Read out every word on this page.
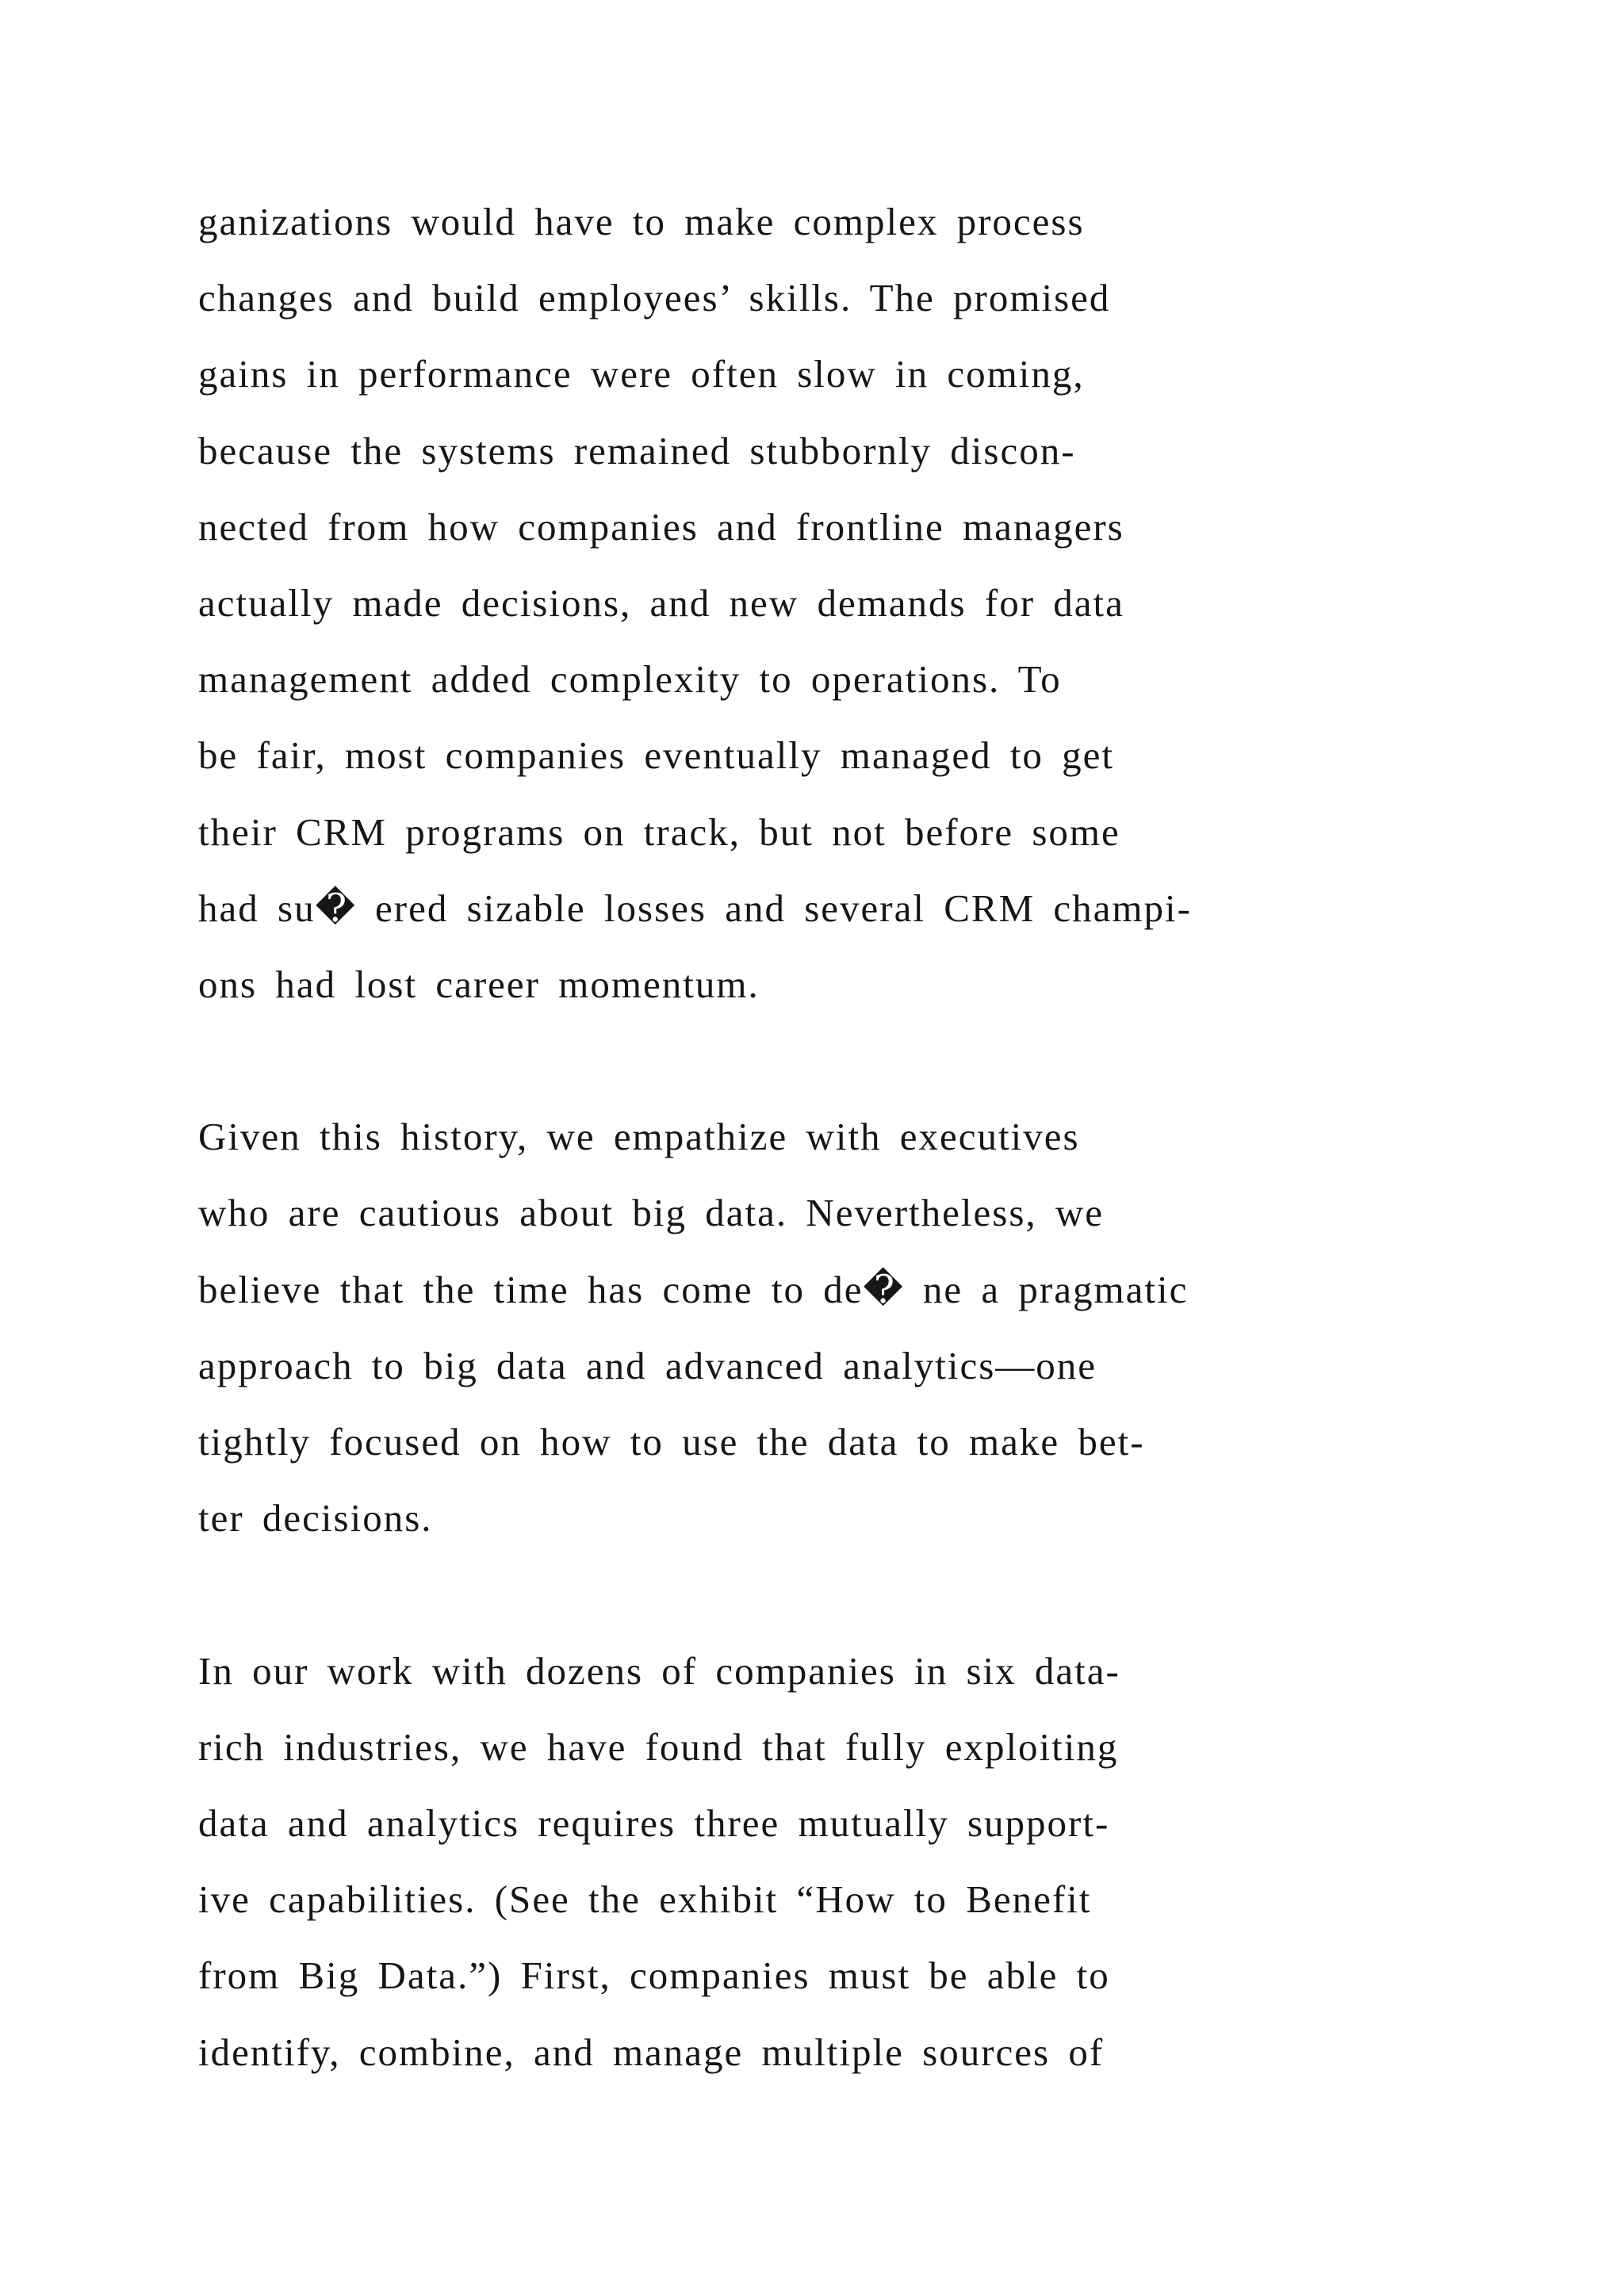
ganizations would have to make complex process
changes and build employees’ skills. The promised
gains in performance were often slow in coming,
because the systems remained stubbornly discon-
nected from how companies and frontline managers
actually made decisions, and new demands for data
management added complexity to operations. To
be fair, most companies eventually managed to get
their CRM programs on track, but not before some
had su� ered sizable losses and several CRM champi-
ons had lost career momentum.
Given this history, we empathize with executives
who are cautious about big data. Nevertheless, we
believe that the time has come to de� ne a pragmatic
approach to big data and advanced analytics—one
tightly focused on how to use the data to make bet-
ter decisions.
In our work with dozens of companies in six data-
rich industries, we have found that fully exploiting
data and analytics requires three mutually support-
ive capabilities. (See the exhibit “How to Benefit
from Big Data.”) First, companies must be able to
identify, combine, and manage multiple sources of
